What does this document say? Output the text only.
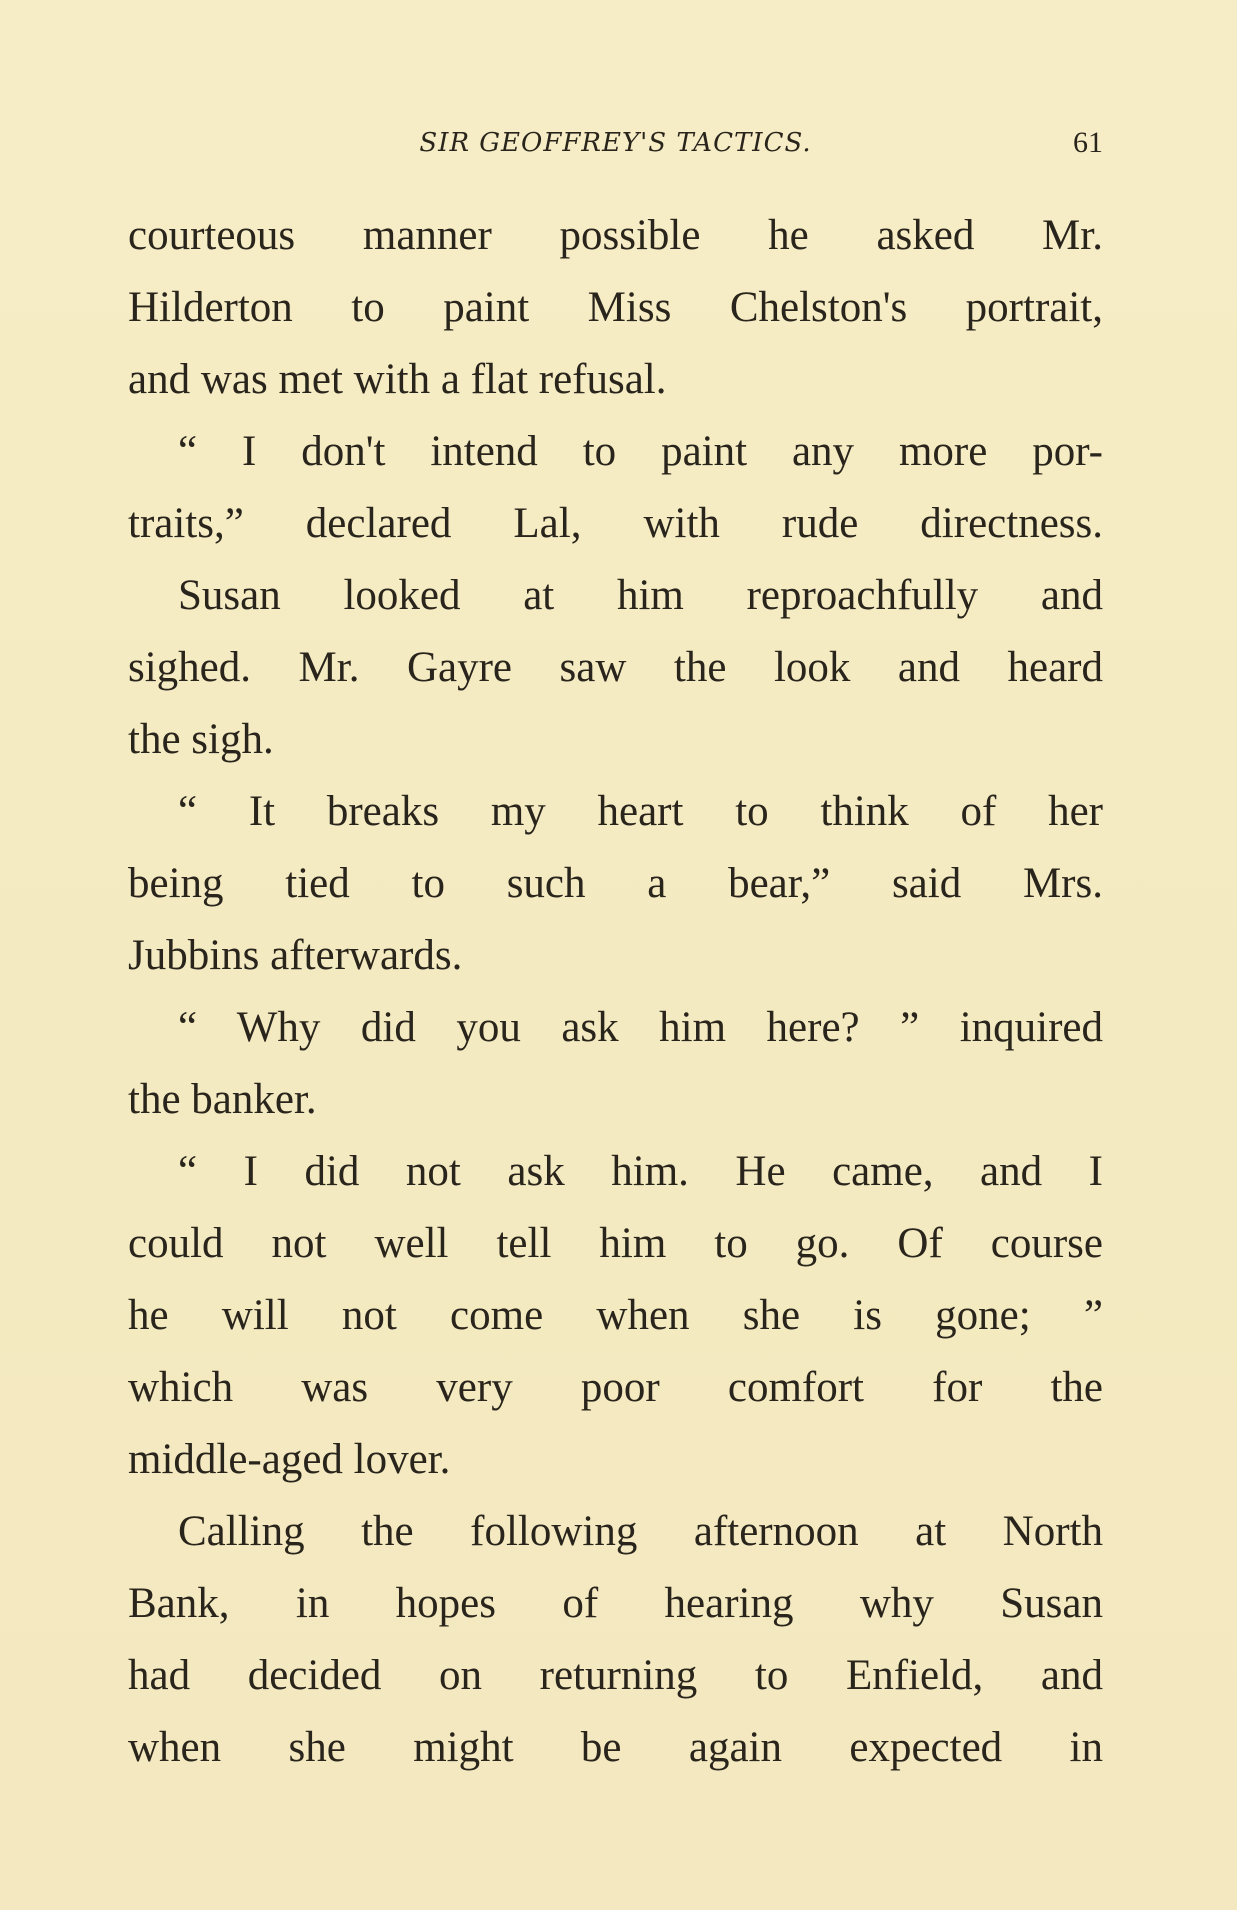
SIR GEOFFREY'S TACTICS.	61
courteous manner possible he asked Mr.
Hilderton to paint Miss Chelston's portrait,
and was met with a flat refusal.
“ I don't intend to paint any more por-
traits,” declared Lal, with rude directness.
Susan looked at him reproachfully and
sighed. Mr. Gayre saw the look and heard
the sigh.
“ It breaks my heart to think of her
being tied to such a bear,” said Mrs.
Jubbins afterwards.
“ Why did you ask him here? ” inquired
the banker.
“ I did not ask him. He came, and I
could not well tell him to go. Of course
he will not come when she is gone; ”
which was very poor comfort for the
middle-aged lover.
Calling the following afternoon at North
Bank, in hopes of hearing why Susan
had decided on returning to Enfield, and
when she might be again expected in
